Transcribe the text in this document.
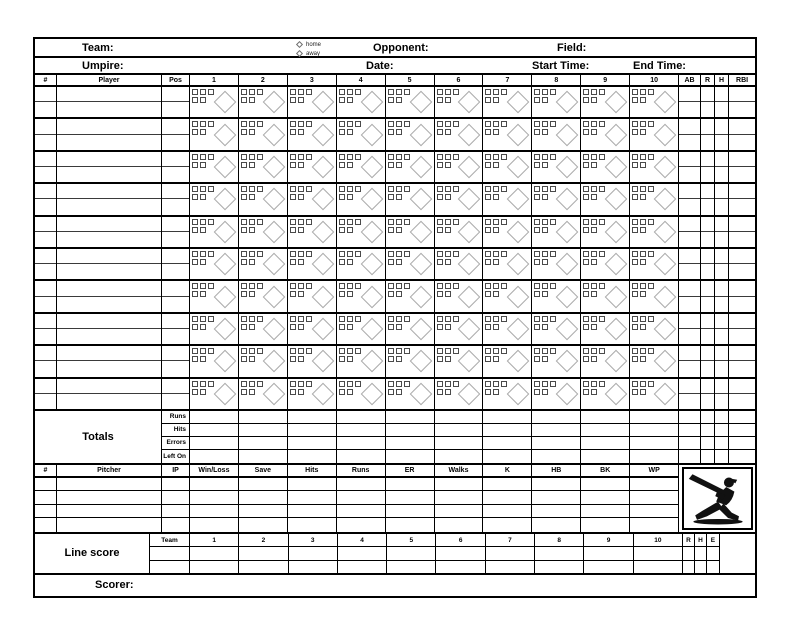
Team:	home
away	Opponent:	Field:
Umpire:	Date:	Start Time:	End Time:
#	Player	Pos	1	2	3	4	5	6	7	8	9	10	AB	R	H	RBI
Totals
Runs
Hits
Errors
Left On
#	Pitcher	IP	Win/Loss	Save	Hits	Runs	ER	Walks	K	HB	BK	WP
Line score
Team	1	2	3	4	5	6	7	8	9	10	R	H	E
Scorer:
